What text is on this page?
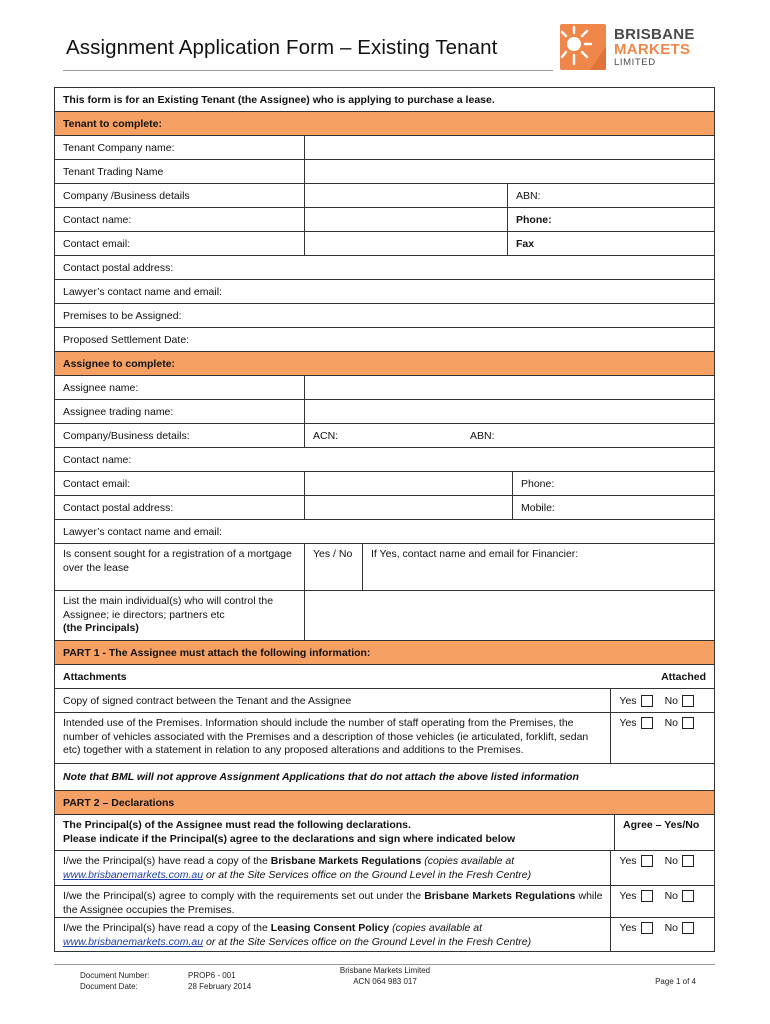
Assignment Application Form – Existing Tenant
BRISBANE
MARKETS
LIMITED
This form is for an Existing Tenant (the Assignee) who is applying to purchase a lease.
Tenant to complete:
Tenant Company name:
Tenant Trading Name
Company /Business details	ABN:
Contact name:	Phone:
Contact email:	Fax
Contact postal address:
Lawyer’s contact name and email:
Premises to be Assigned:
Proposed Settlement Date:
Assignee to complete:
Assignee name:
Assignee trading name:
Company/Business details:	ACN:	ABN:
Contact name:
Contact email:	Phone:
Contact postal address:	Mobile:
Lawyer’s contact name and email:
Is consent sought for a registration of a mortgage over the lease
Yes / No	If Yes, contact name and email for Financier:
List the main individual(s) who will control the Assignee; ie directors; partners etc
(the Principals)
PART 1 - The Assignee must attach the following information:
Attachments	Attached
Copy of signed contract between the Tenant and the Assignee	Yes	No
Intended use of the Premises. Information should include the number of staff operating from the Premises, the number of vehicles associated with the Premises and a description of those vehicles (ie articulated, forklift, sedan etc) together with a statement in relation to any proposed alterations and additions to the Premises.
Yes	No
Note that BML will not approve Assignment Applications that do not attach the above listed information
PART 2 – Declarations
The Principal(s) of the Assignee must read the following declarations.
Please indicate if the Principal(s) agree to the declarations and sign where indicated below
Agree – Yes/No
I/we the Principal(s) have read a copy of the Brisbane Markets Regulations (copies available at
www.brisbanemarkets.com.au or at the Site Services office on the Ground Level in the Fresh Centre)
Yes	No
I/we the Principal(s) agree to comply with the requirements set out under the Brisbane Markets Regulations while the Assignee occupies the Premises.
Yes	No
I/we the Principal(s) have read a copy of the Leasing Consent Policy (copies available at
www.brisbanemarkets.com.au or at the Site Services office on the Ground Level in the Fresh Centre)
Yes	No
Document Number:
Document Date:
PROP6 - 001
28 February 2014
Brisbane Markets Limited
ACN 064 983 017	Page 1 of 4
